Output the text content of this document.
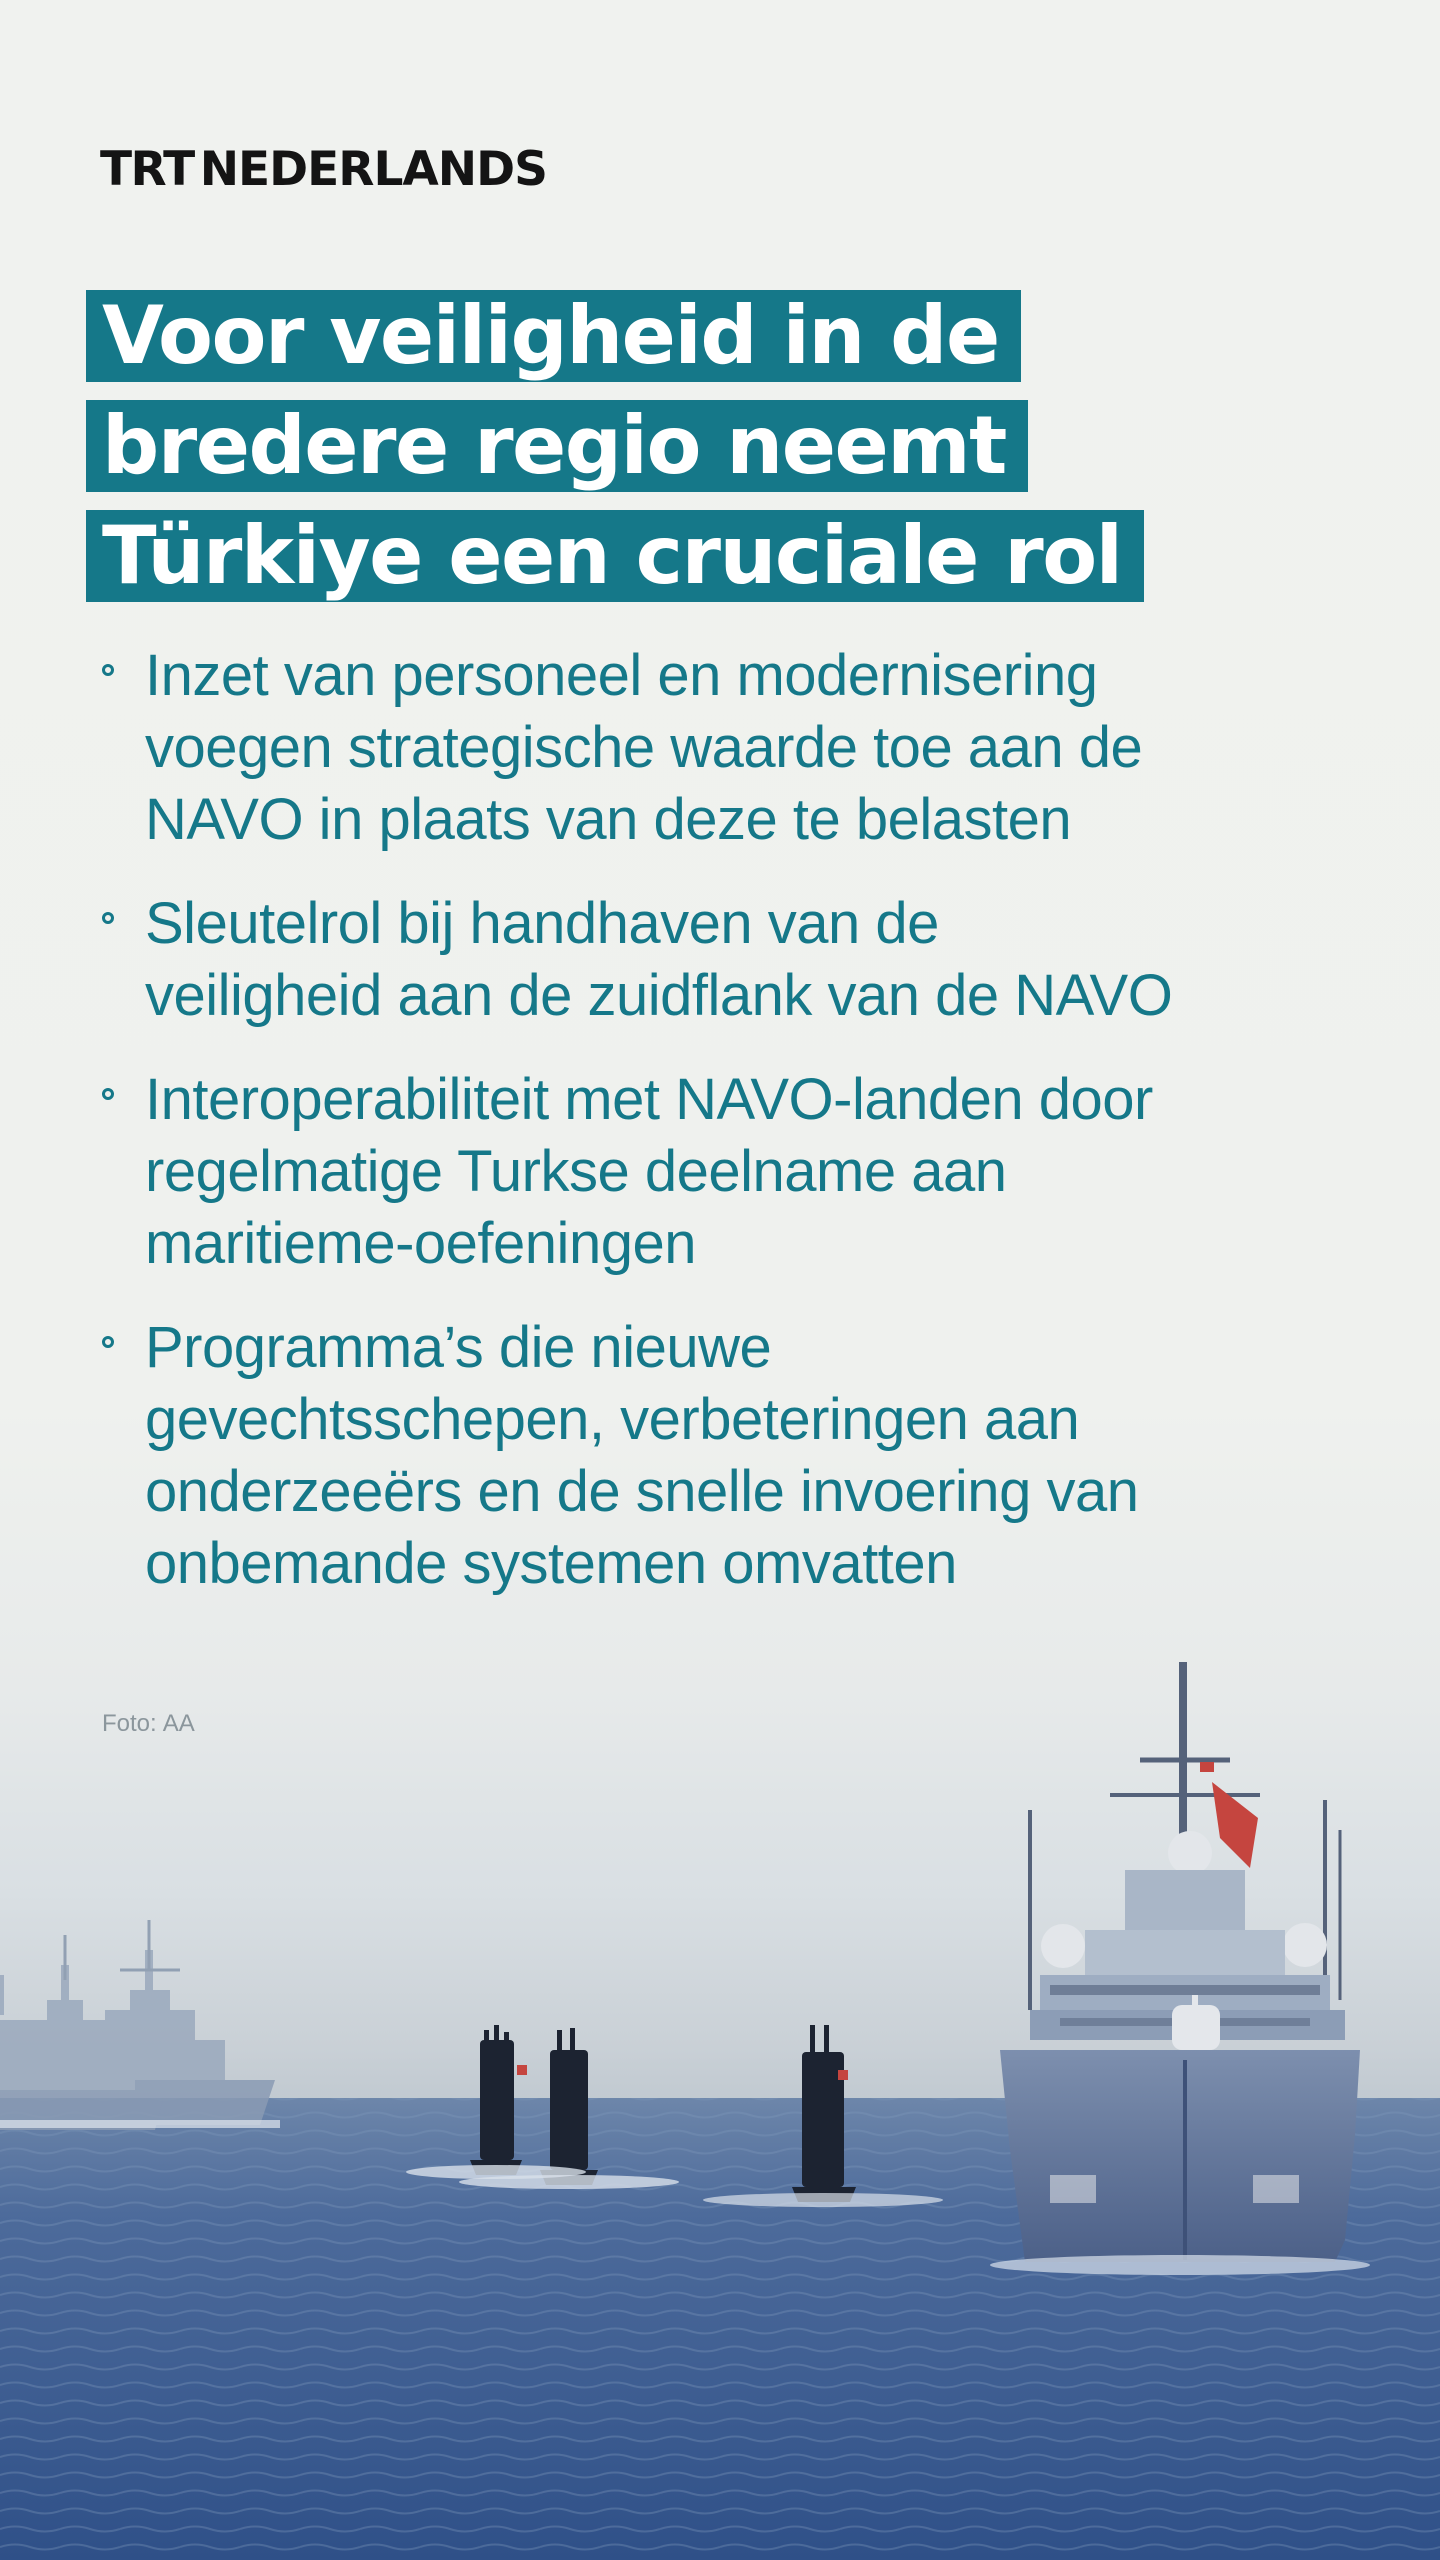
TRT NEDERLANDS
Voor veiligheid in de
bredere regio neemt
Türkiye een cruciale rol
Inzet van personeel en modernisering
voegen strategische waarde toe aan de
NAVO in plaats van deze te belasten
Sleutelrol bij handhaven van de
veiligheid aan de zuidflank van de NAVO
Interoperabiliteit met NAVO-landen door
regelmatige Turkse deelname aan
maritieme-oefeningen
Programma’s die nieuwe
gevechtsschepen, verbeteringen aan
onderzeeërs en de snelle invoering van
onbemande systemen omvatten
Foto: AA
